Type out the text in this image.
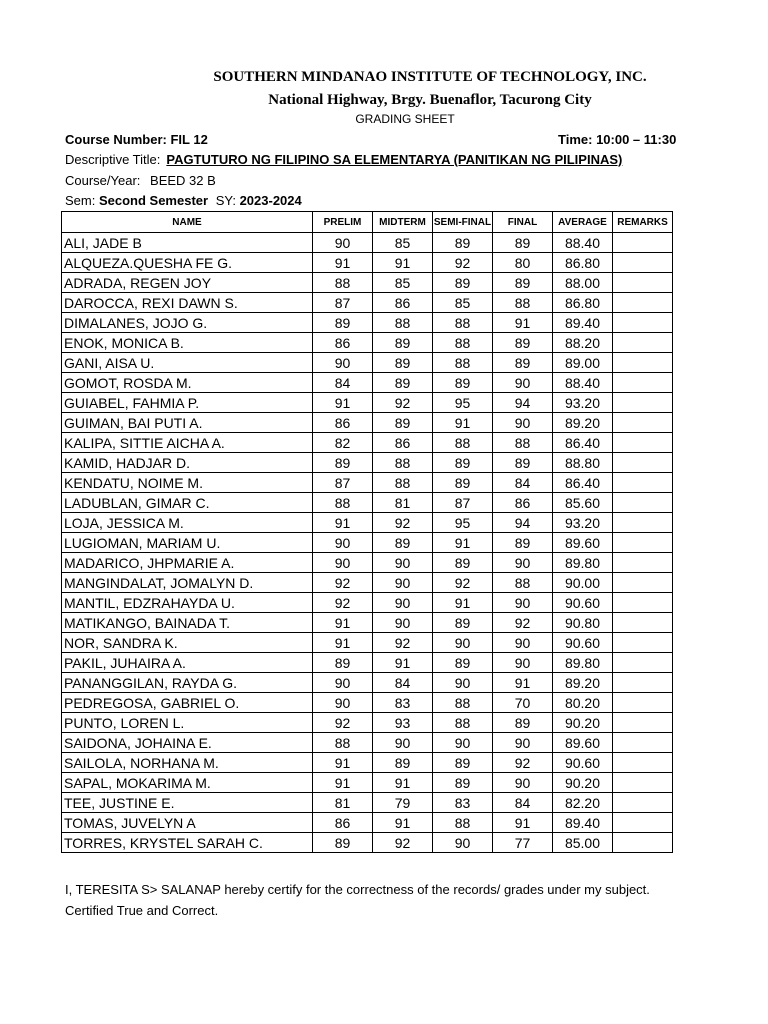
SOUTHERN MINDANAO INSTITUTE OF TECHNOLOGY, INC.
National Highway, Brgy. Buenaflor, Tacurong City
GRADING SHEET
Course Number: FIL 12	Time: 10:00 – 11:30
Descriptive Title: PAGTUTURO NG FILIPINO SA ELEMENTARYA (PANITIKAN NG PILIPINAS)
Course/Year: BEED 32 B
Sem: Second Semester SY: 2023-2024
NAME	PRELIM	MIDTERM	SEMI-FINAL	FINAL	AVERAGE	REMARKS
ALI, JADE B	90	85	89	89	88.40	
ALQUEZA.QUESHA FE G.	91	91	92	80	86.80	
ADRADA, REGEN JOY	88	85	89	89	88.00	
DAROCCA, REXI DAWN S.	87	86	85	88	86.80	
DIMALANES, JOJO G.	89	88	88	91	89.40	
ENOK, MONICA B.	86	89	88	89	88.20	
GANI, AISA U.	90	89	88	89	89.00	
GOMOT, ROSDA M.	84	89	89	90	88.40	
GUIABEL, FAHMIA P.	91	92	95	94	93.20	
GUIMAN, BAI PUTI A.	86	89	91	90	89.20	
KALIPA, SITTIE AICHA A.	82	86	88	88	86.40	
KAMID, HADJAR D.	89	88	89	89	88.80	
KENDATU, NOIME M.	87	88	89	84	86.40	
LADUBLAN, GIMAR C.	88	81	87	86	85.60	
LOJA, JESSICA M.	91	92	95	94	93.20	
LUGIOMAN, MARIAM U.	90	89	91	89	89.60	
MADARICO, JHPMARIE A.	90	90	89	90	89.80	
MANGINDALAT, JOMALYN D.	92	90	92	88	90.00	
MANTIL, EDZRAHAYDA U.	92	90	91	90	90.60	
MATIKANGO, BAINADA T.	91	90	89	92	90.80	
NOR, SANDRA K.	91	92	90	90	90.60	
PAKIL, JUHAIRA A.	89	91	89	90	89.80	
PANANGGILAN, RAYDA G.	90	84	90	91	89.20	
PEDREGOSA, GABRIEL O.	90	83	88	70	80.20	
PUNTO, LOREN L.	92	93	88	89	90.20	
SAIDONA, JOHAINA E.	88	90	90	90	89.60	
SAILOLA, NORHANA M.	91	89	89	92	90.60	
SAPAL, MOKARIMA M.	91	91	89	90	90.20	
TEE, JUSTINE E.	81	79	83	84	82.20	
TOMAS, JUVELYN A	86	91	88	91	89.40	
TORRES, KRYSTEL SARAH C.	89	92	90	77	85.00	
I, TERESITA S> SALANAP hereby certify for the correctness of the records/ grades under my subject.
Certified True and Correct.
